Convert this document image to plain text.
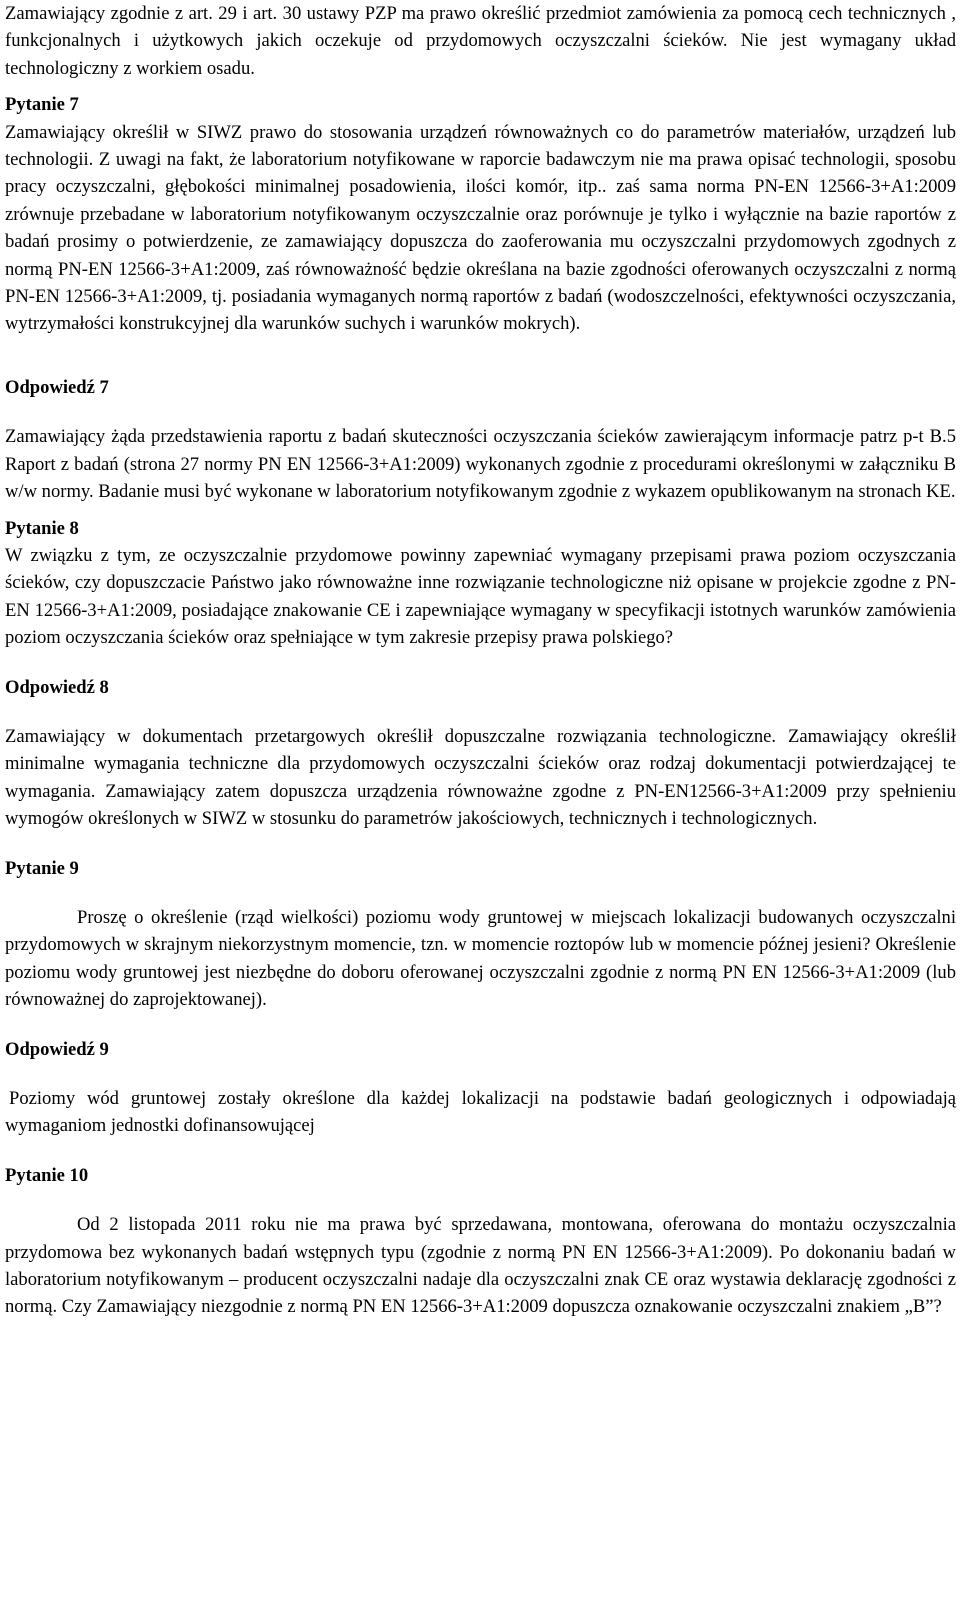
Zamawiający zgodnie z art. 29 i art. 30 ustawy PZP ma prawo określić przedmiot zamówienia za pomocą cech technicznych , funkcjonalnych i użytkowych jakich oczekuje od przydomowych oczyszczalni ścieków. Nie jest wymagany układ technologiczny z workiem osadu.

Pytanie 7

Zamawiający określił w SIWZ prawo do stosowania urządzeń równoważnych co do parametrów materiałów, urządzeń lub technologii. Z uwagi na fakt, że laboratorium notyfikowane w raporcie badawczym nie ma prawa opisać technologii, sposobu pracy oczyszczalni, głębokości minimalnej posadowienia, ilości komór, itp.. zaś sama norma PN-EN 12566-3+A1:2009 zrównuje przebadane w laboratorium notyfikowanym oczyszczalnie oraz porównuje je tylko i wyłącznie na bazie raportów z badań prosimy o potwierdzenie, ze zamawiający dopuszcza do zaoferowania mu oczyszczalni przydomowych zgodnych z normą PN-EN 12566-3+A1:2009, zaś równoważność będzie określana na bazie zgodności oferowanych oczyszczalni z normą PN-EN 12566-3+A1:2009, tj. posiadania wymaganych normą raportów z badań (wodoszczelności, efektywności oczyszczania, wytrzymałości konstrukcyjnej dla warunków suchych i warunków mokrych).

Odpowiedź 7

Zamawiający żąda przedstawienia raportu z badań skuteczności oczyszczania ścieków zawierającym informacje patrz p-t B.5 Raport z badań (strona 27 normy PN EN 12566-3+A1:2009) wykonanych zgodnie z procedurami określonymi w załączniku B w/w normy. Badanie musi być wykonane w laboratorium notyfikowanym zgodnie z wykazem opublikowanym na stronach KE.

Pytanie 8

W związku z tym, ze oczyszczalnie przydomowe powinny zapewniać wymagany przepisami prawa poziom oczyszczania ścieków, czy dopuszczacie Państwo jako równoważne inne rozwiązanie technologiczne niż opisane w projekcie zgodne z PN-EN 12566-3+A1:2009, posiadające znakowanie CE i zapewniające wymagany w specyfikacji istotnych warunków zamówienia poziom oczyszczania ścieków oraz spełniające w tym zakresie przepisy prawa polskiego?

Odpowiedź 8

Zamawiający w dokumentach przetargowych określił dopuszczalne rozwiązania technologiczne. Zamawiający określił minimalne wymagania techniczne dla przydomowych oczyszczalni ścieków oraz rodzaj dokumentacji potwierdzającej te wymagania. Zamawiający zatem dopuszcza urządzenia równoważne zgodne z PN-EN12566-3+A1:2009 przy spełnieniu wymogów określonych w SIWZ w stosunku do parametrów jakościowych, technicznych i technologicznych.

Pytanie 9

Proszę o określenie (rząd wielkości) poziomu wody gruntowej w miejscach lokalizacji budowanych oczyszczalni przydomowych w skrajnym niekorzystnym momencie, tzn. w momencie roztopów lub w momencie późnej jesieni? Określenie poziomu wody gruntowej jest niezbędne do doboru oferowanej oczyszczalni zgodnie z normą PN EN 12566-3+A1:2009 (lub równoważnej do zaprojektowanej).

Odpowiedź 9

Poziomy wód gruntowej zostały określone dla każdej lokalizacji na podstawie badań geologicznych i odpowiadają wymaganiom jednostki dofinansowującej

Pytanie 10

Od 2 listopada 2011 roku nie ma prawa być sprzedawana, montowana, oferowana do montażu oczyszczalnia przydomowa bez wykonanych badań wstępnych typu (zgodnie z normą PN EN 12566-3+A1:2009). Po dokonaniu badań w laboratorium notyfikowanym – producent oczyszczalni nadaje dla oczyszczalni znak CE oraz wystawia deklarację zgodności z normą. Czy Zamawiający niezgodnie z normą PN EN 12566-3+A1:2009 dopuszcza oznakowanie oczyszczalni znakiem „B”?
